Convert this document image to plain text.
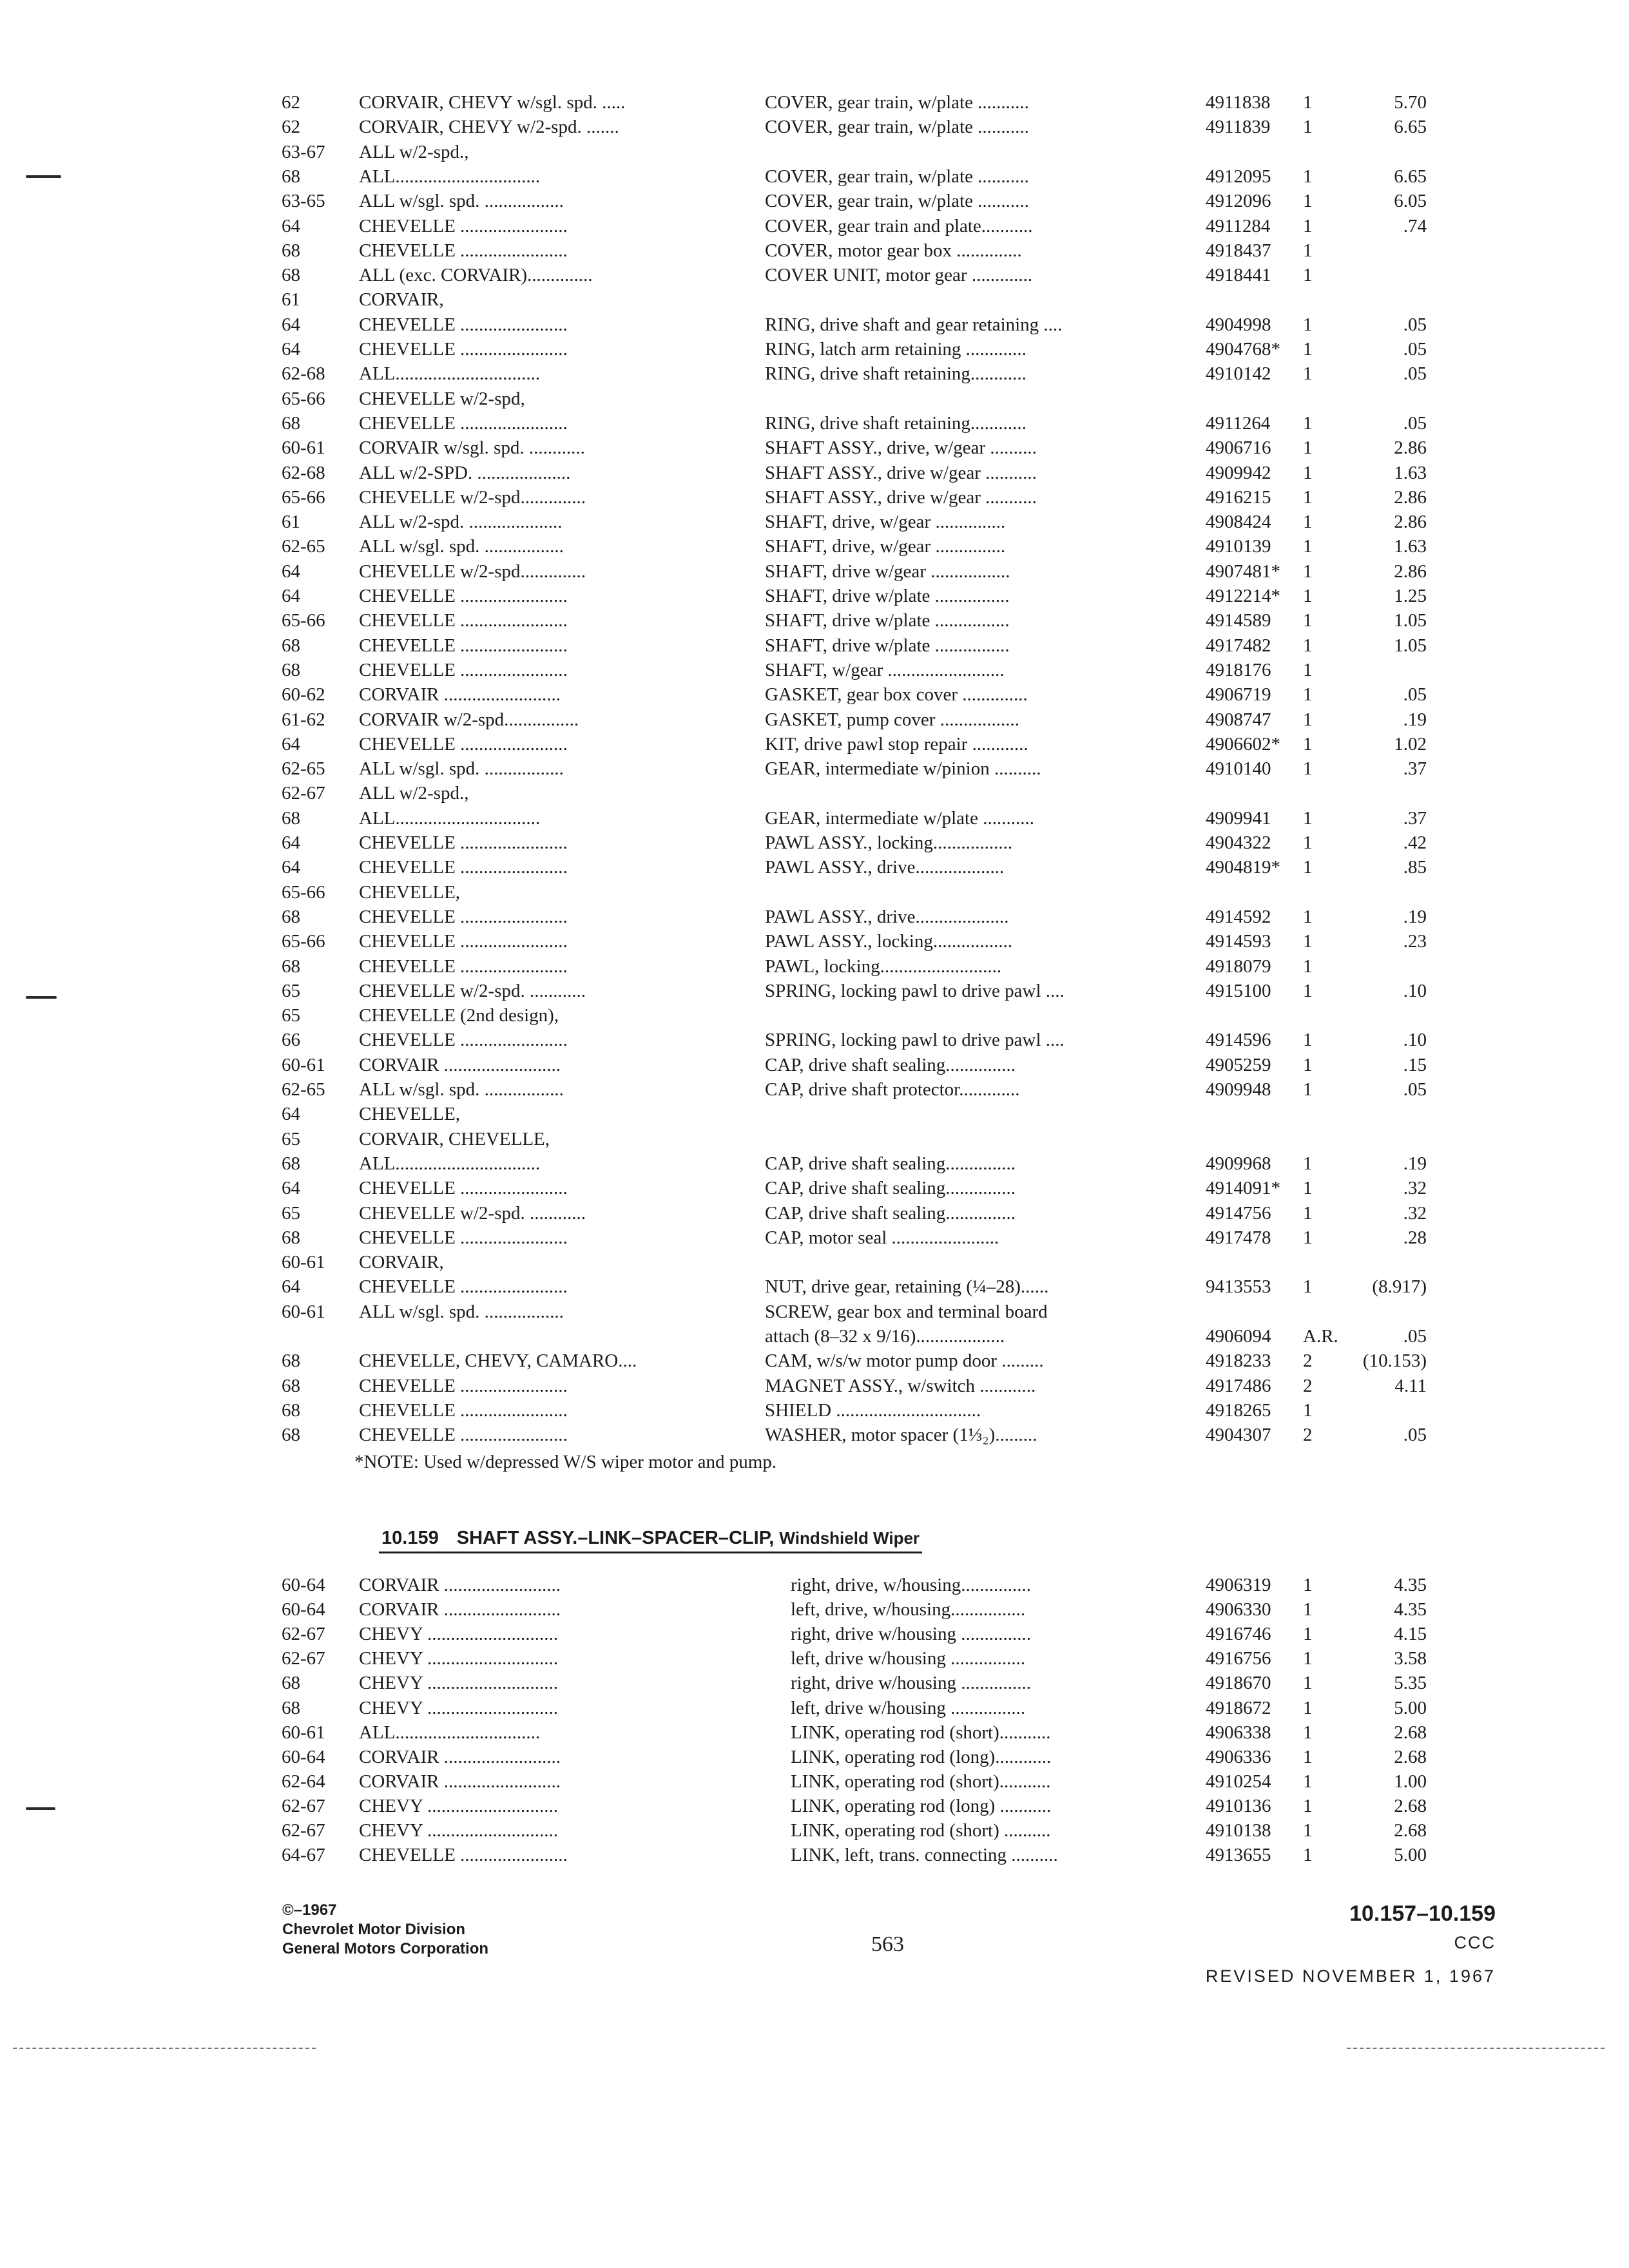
62	CORVAIR, CHEVY w/sgl. spd. .....	COVER, gear train, w/plate ...........	4911838	1	5.70
62	CORVAIR, CHEVY w/2-spd. .......	COVER, gear train, w/plate ...........	4911839	1	6.65
63-67	ALL w/2-spd.,
68	ALL...............................	COVER, gear train, w/plate ...........	4912095	1	6.65
63-65	ALL w/sgl. spd. .................	COVER, gear train, w/plate ...........	4912096	1	6.05
64	CHEVELLE .......................	COVER, gear train and plate...........	4911284	1	.74
68	CHEVELLE .......................	COVER, motor gear box ..............	4918437	1
68	ALL (exc. CORVAIR)..............	COVER UNIT, motor gear .............	4918441	1
61	CORVAIR,
64	CHEVELLE .......................	RING, drive shaft and gear retaining ....	4904998	1	.05
64	CHEVELLE .......................	RING, latch arm retaining .............	4904768*	1	.05
62-68	ALL...............................	RING, drive shaft retaining............	4910142	1	.05
65-66	CHEVELLE w/2-spd,
68	CHEVELLE .......................	RING, drive shaft retaining............	4911264	1	.05
60-61	CORVAIR w/sgl. spd. ............	SHAFT ASSY., drive, w/gear ..........	4906716	1	2.86
62-68	ALL w/2-SPD. ....................	SHAFT ASSY., drive w/gear ...........	4909942	1	1.63
65-66	CHEVELLE w/2-spd..............	SHAFT ASSY., drive w/gear ...........	4916215	1	2.86
61	ALL w/2-spd. ....................	SHAFT, drive, w/gear ...............	4908424	1	2.86
62-65	ALL w/sgl. spd. .................	SHAFT, drive, w/gear ...............	4910139	1	1.63
64	CHEVELLE w/2-spd..............	SHAFT, drive w/gear .................	4907481*	1	2.86
64	CHEVELLE .......................	SHAFT, drive w/plate ................	4912214*	1	1.25
65-66	CHEVELLE .......................	SHAFT, drive w/plate ................	4914589	1	1.05
68	CHEVELLE .......................	SHAFT, drive w/plate ................	4917482	1	1.05
68	CHEVELLE .......................	SHAFT, w/gear .........................	4918176	1
60-62	CORVAIR .........................	GASKET, gear box cover ..............	4906719	1	.05
61-62	CORVAIR w/2-spd................	GASKET, pump cover .................	4908747	1	.19
64	CHEVELLE .......................	KIT, drive pawl stop repair ............	4906602*	1	1.02
62-65	ALL w/sgl. spd. .................	GEAR, intermediate w/pinion ..........	4910140	1	.37
62-67	ALL w/2-spd.,
68	ALL...............................	GEAR, intermediate w/plate ...........	4909941	1	.37
64	CHEVELLE .......................	PAWL ASSY., locking.................	4904322	1	.42
64	CHEVELLE .......................	PAWL ASSY., drive...................	4904819*	1	.85
65-66	CHEVELLE,
68	CHEVELLE .......................	PAWL ASSY., drive....................	4914592	1	.19
65-66	CHEVELLE .......................	PAWL ASSY., locking.................	4914593	1	.23
68	CHEVELLE .......................	PAWL, locking..........................	4918079	1
65	CHEVELLE w/2-spd. ............	SPRING, locking pawl to drive pawl ....	4915100	1	.10
65	CHEVELLE (2nd design),
66	CHEVELLE .......................	SPRING, locking pawl to drive pawl ....	4914596	1	.10
60-61	CORVAIR .........................	CAP, drive shaft sealing...............	4905259	1	.15
62-65	ALL w/sgl. spd. .................	CAP, drive shaft protector.............	4909948	1	.05
64	CHEVELLE,
65	CORVAIR, CHEVELLE,
68	ALL...............................	CAP, drive shaft sealing...............	4909968	1	.19
64	CHEVELLE .......................	CAP, drive shaft sealing...............	4914091*	1	.32
65	CHEVELLE w/2-spd. ............	CAP, drive shaft sealing...............	4914756	1	.32
68	CHEVELLE .......................	CAP, motor seal .......................	4917478	1	.28
60-61	CORVAIR,
64	CHEVELLE .......................	NUT, drive gear, retaining (¼–28)......	9413553	1	(8.917)
60-61	ALL w/sgl. spd. .................	SCREW, gear box and terminal board
attach (8–32 x 9/16)...................	4906094	A.R.	.05
68	CHEVELLE, CHEVY, CAMARO....	CAM, w/s/w motor pump door .........	4918233	2	(10.153)
68	CHEVELLE .......................	MAGNET ASSY., w/switch ............	4917486	2	4.11
68	CHEVELLE .......................	SHIELD ...............................	4918265	1
68	CHEVELLE .......................	WASHER, motor spacer (1⅓₂).........	4904307	2	.05
*NOTE: Used w/depressed W/S wiper motor and pump.
10.159 SHAFT ASSY.–LINK–SPACER–CLIP, Windshield Wiper
60-64	CORVAIR .........................	right, drive, w/housing...............	4906319	1	4.35
60-64	CORVAIR .........................	left, drive, w/housing................	4906330	1	4.35
62-67	CHEVY ............................	right, drive w/housing ...............	4916746	1	4.15
62-67	CHEVY ............................	left, drive w/housing ................	4916756	1	3.58
68	CHEVY ............................	right, drive w/housing ...............	4918670	1	5.35
68	CHEVY ............................	left, drive w/housing ................	4918672	1	5.00
60-61	ALL...............................	LINK, operating rod (short)...........	4906338	1	2.68
60-64	CORVAIR .........................	LINK, operating rod (long)............	4906336	1	2.68
62-64	CORVAIR .........................	LINK, operating rod (short)...........	4910254	1	1.00
62-67	CHEVY ............................	LINK, operating rod (long) ...........	4910136	1	2.68
62-67	CHEVY ............................	LINK, operating rod (short) ..........	4910138	1	2.68
64-67	CHEVELLE .......................	LINK, left, trans. connecting ..........	4913655	1	5.00
©–1967
Chevrolet Motor Division
General Motors Corporation	563
10.157–10.159
CCC
REVISED NOVEMBER 1, 1967
